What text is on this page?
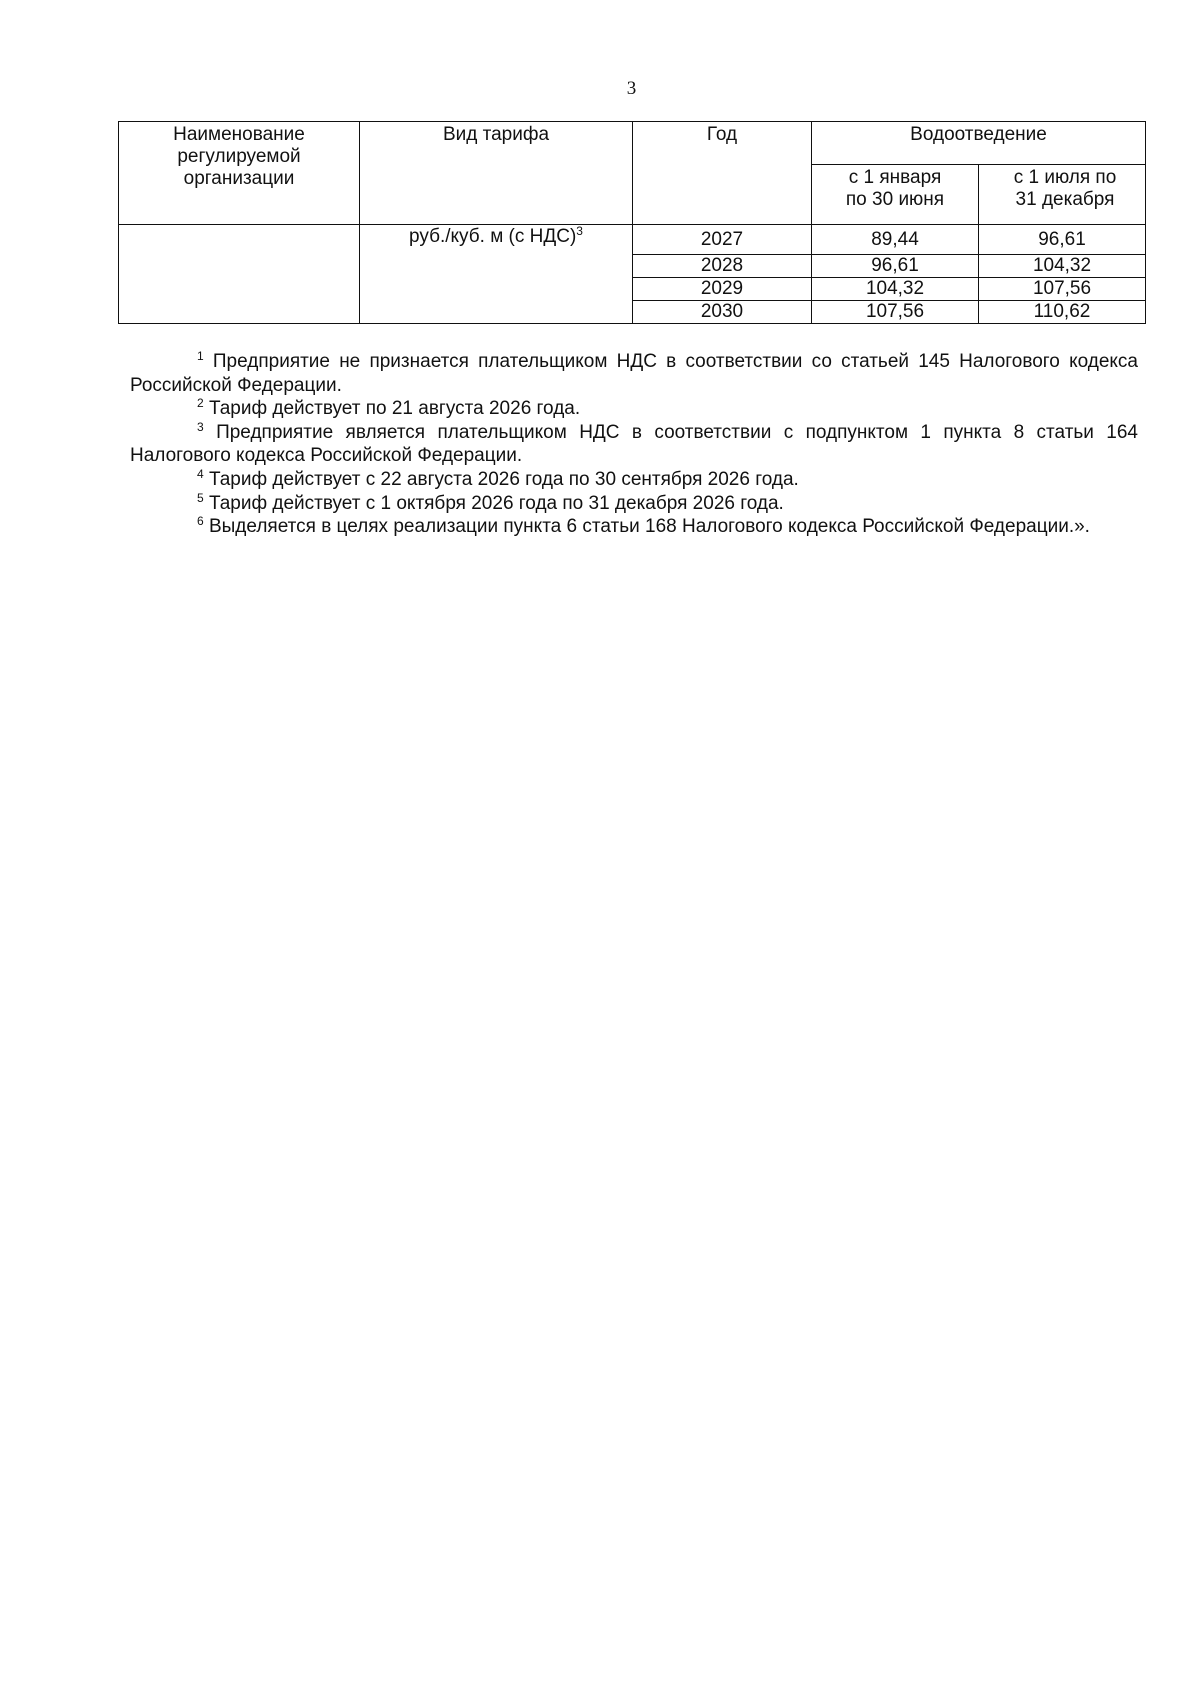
3
Наименование регулируемой организации	Вид тарифа	Год	Водоотведение	
			с 1 января по 30 июня	с 1 июля по 31 декабря
	руб./куб. м (с НДС)$^3$	2027	89,44	96,61
		2028	96,61	104,32
		2029	104,32	107,56
		2030	107,56	110,62

$^1$ Предприятие не признается плательщиком НДС в соответствии со статьей 145 Налогового кодекса Российской Федерации.

$^2$ Тариф действует по 21 августа 2026 года.

$^3$ Предприятие является плательщиком НДС в соответствии с подпунктом 1 пункта 8 статьи 164 Налогового кодекса Российской Федерации.

$^4$ Тариф действует с 22 августа 2026 года по 30 сентября 2026 года.

$^5$ Тариф действует с 1 октября 2026 года по 31 декабря 2026 года.

$^6$ Выделяется в целях реализации пункта 6 статьи 168 Налогового кодекса Российской Федерации.».
